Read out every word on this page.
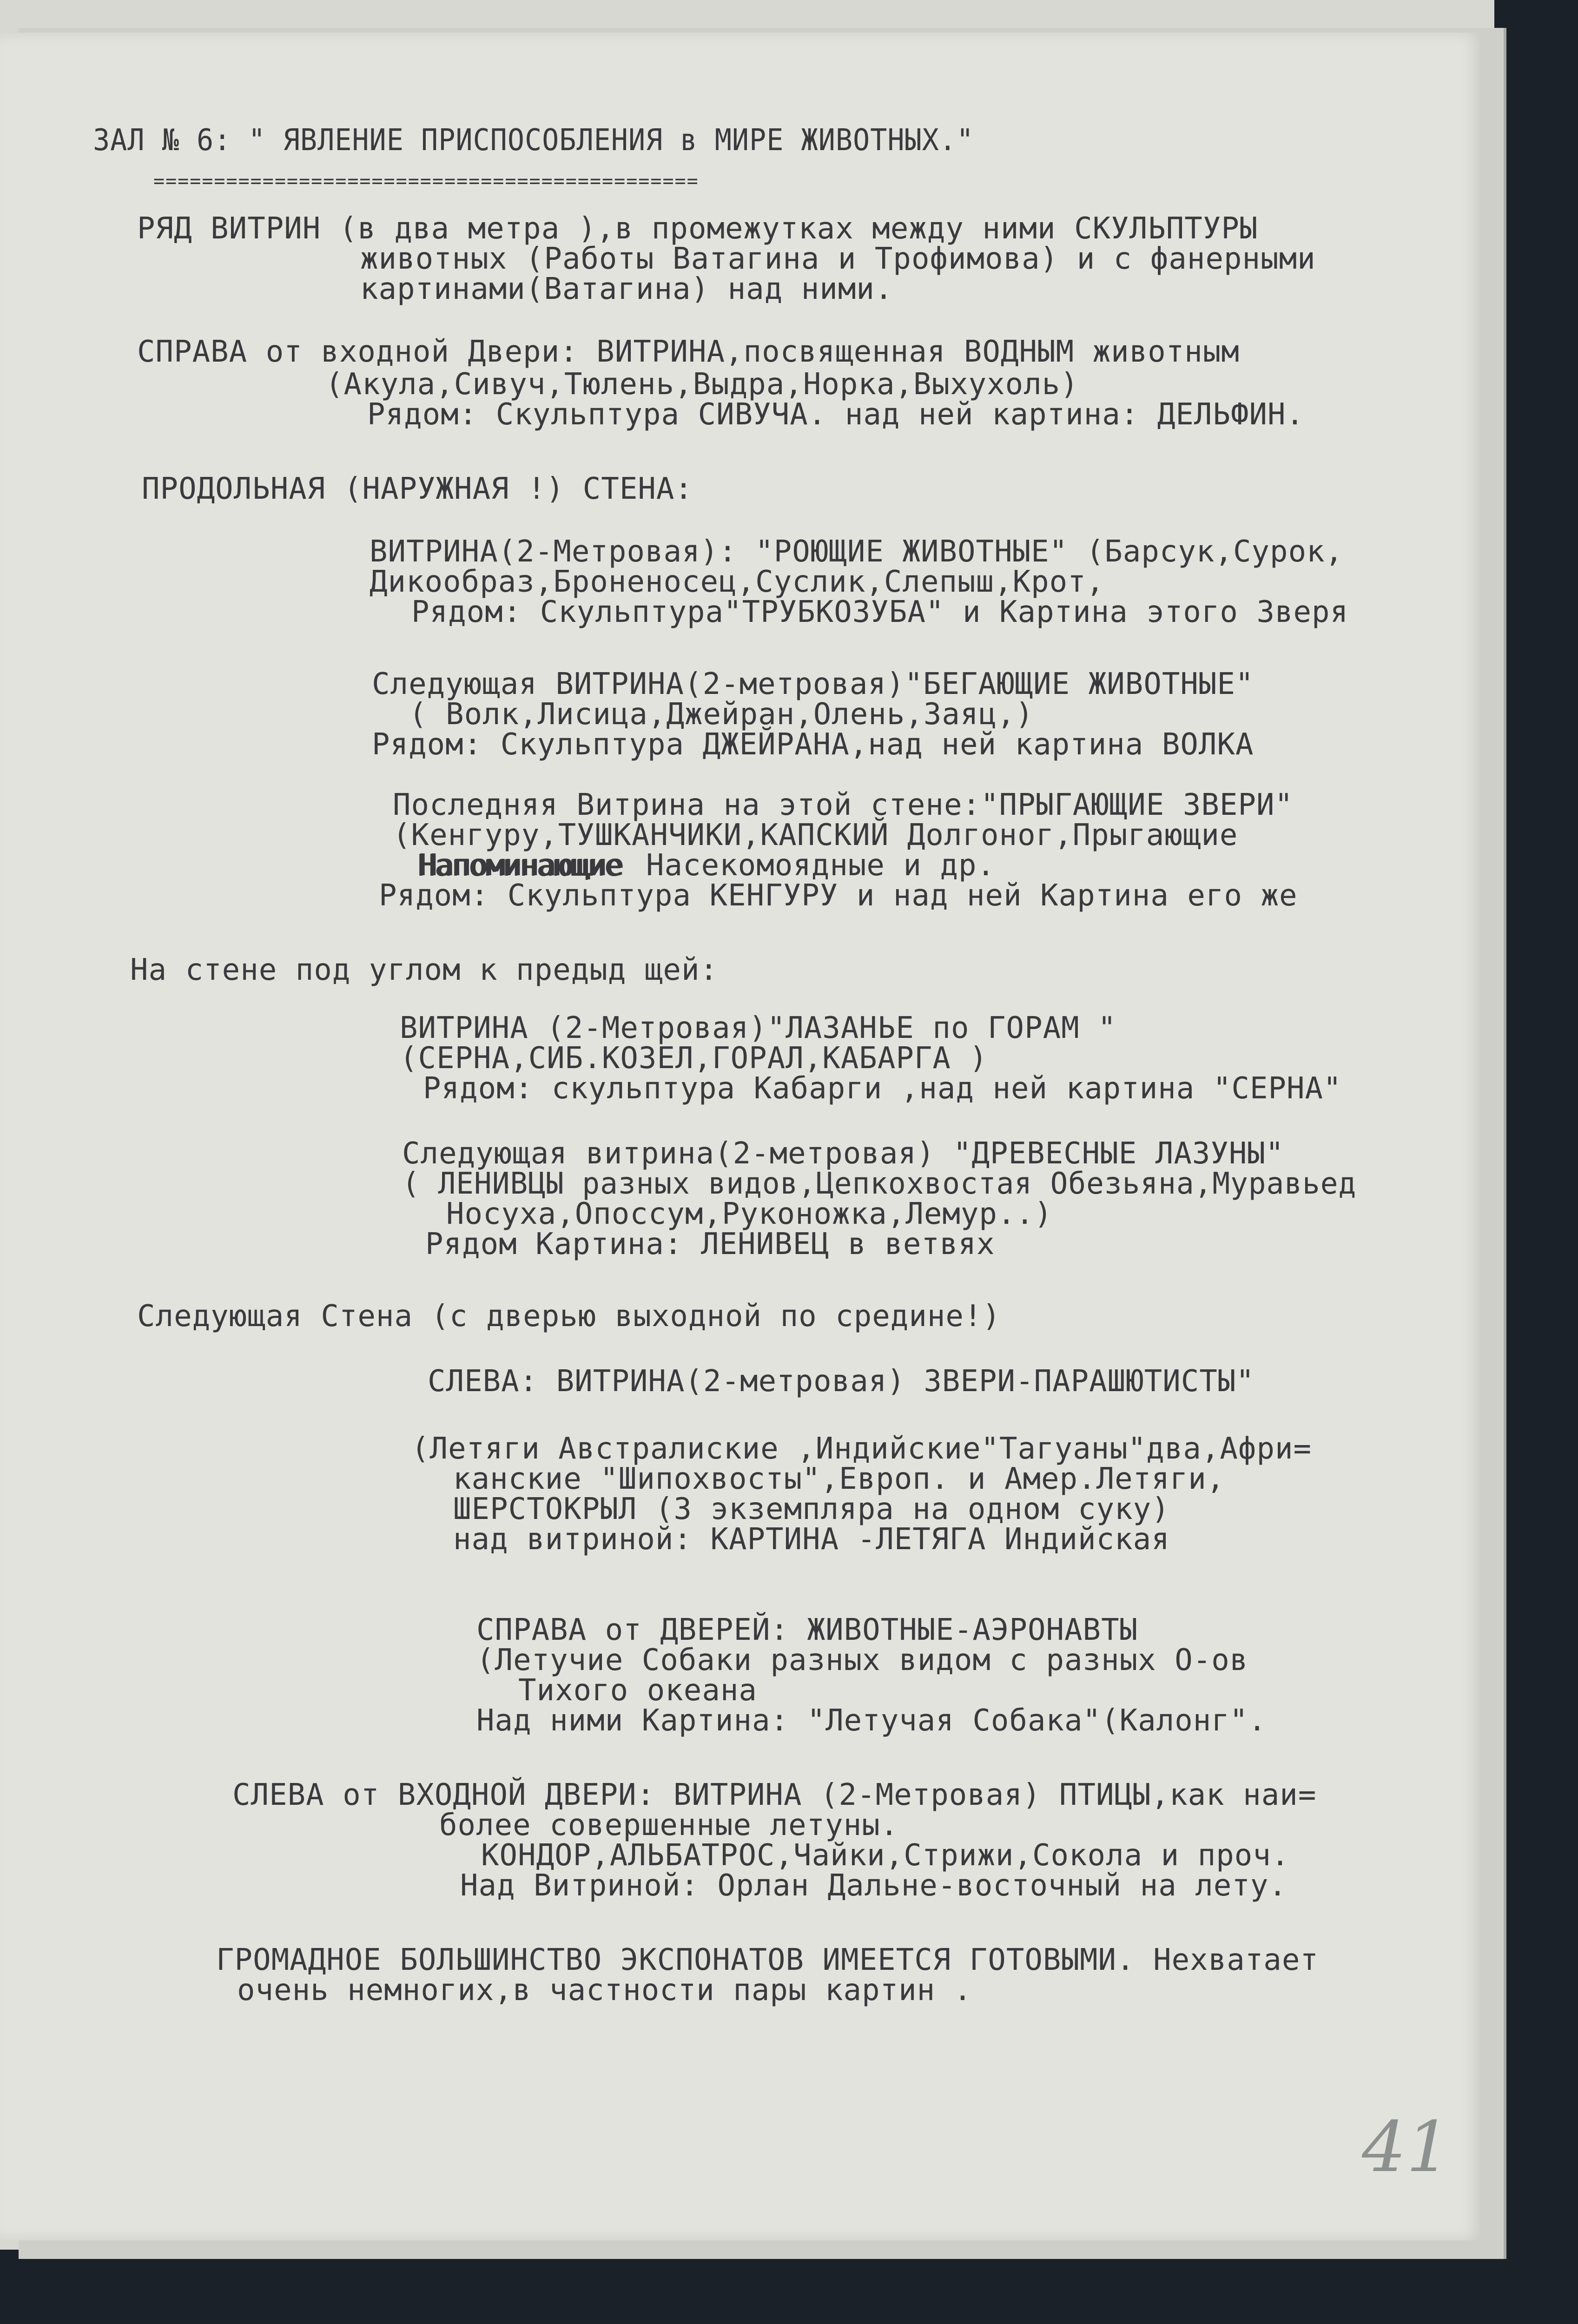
ЗАЛ № 6: " ЯВЛЕНИЕ ПРИСПОСОБЛЕНИЯ в МИРЕ ЖИВОТНЫХ."
=============================================
РЯД ВИТРИН (в два метра ),в промежутках между ними СКУЛЬПТУРЫ
животных (Работы Ватагина и Трофимова) и с фанерными
картинами(Ватагина) над ними.
СПРАВА от входной Двери: ВИТРИНА,посвященная ВОДНЫМ животным
(Акула,Сивуч,Тюлень,Выдра,Норка,Выхухоль)
Рядом: Скульптура СИВУЧА. над ней картина: ДЕЛЬФИН.
ПРОДОЛЬНАЯ (НАРУЖНАЯ !) СТЕНА:
ВИТРИНА(2-Метровая): "РОЮЩИЕ ЖИВОТНЫЕ" (Барсук,Сурок,
Дикообраз,Броненосец,Суслик,Слепыш,Крот,
Рядом: Скульптура"ТРУБКОЗУБА" и Картина этого Зверя
Следующая ВИТРИНА(2-метровая)"БЕГАЮЩИЕ ЖИВОТНЫЕ"
( Волк,Лисица,Джейран,Олень,Заяц,)
Рядом: Скульптура ДЖЕЙРАНА,над ней картина ВОЛКА
Последняя Витрина на этой стене:"ПРЫГАЮЩИЕ ЗВЕРИ"
(Кенгуру,ТУШКАНЧИКИ,КАПСКИЙ Долгоног,Прыгающие
Напоминающие Насекомоядные и др.
Рядом: Скульптура КЕНГУРУ и над ней Картина его же
На стене под углом к предыд щей:
ВИТРИНА (2-Метровая)"ЛАЗАНЬЕ по ГОРАМ "
(СЕРНА,СИБ.КОЗЕЛ,ГОРАЛ,КАБАРГА )
Рядом: скульптура Кабарги ,над ней картина "СЕРНА"
Следующая витрина(2-метровая) "ДРЕВЕСНЫЕ ЛАЗУНЫ"
( ЛЕНИВЦЫ разных видов,Цепкохвостая Обезьяна,Муравьед
Носуха,Опоссум,Руконожка,Лемур..)
Рядом Картина: ЛЕНИВЕЦ в ветвях
Следующая Стена (с дверью выходной по средине!)
СЛЕВА: ВИТРИНА(2-метровая) ЗВЕРИ-ПАРАШЮТИСТЫ"
(Летяги Австралиские ,Индийские"Тагуаны"два,Афри=
канские "Шипохвосты",Европ. и Амер.Летяги,
ШЕРСТОКРЫЛ (3 экземпляра на одном суку)
над витриной: КАРТИНА -ЛЕТЯГА Индийская
СПРАВА от ДВЕРЕЙ: ЖИВОТНЫЕ-АЭРОНАВТЫ
(Летучие Собаки разных видом с разных О-ов
Тихого океана
Над ними Картина: "Летучая Собака"(Калонг".
СЛЕВА от ВХОДНОЙ ДВЕРИ: ВИТРИНА (2-Метровая) ПТИЦЫ,как наи=
более совершенные летуны.
КОНДОР,АЛЬБАТРОС,Чайки,Стрижи,Сокола и проч.
Над Витриной: Орлан Дальне-восточный на лету.
ГРОМАДНОЕ БОЛЬШИНСТВО ЭКСПОНАТОВ ИМЕЕТСЯ ГОТОВЫМИ. Нехватает
очень немногих,в частности пары картин .
41
